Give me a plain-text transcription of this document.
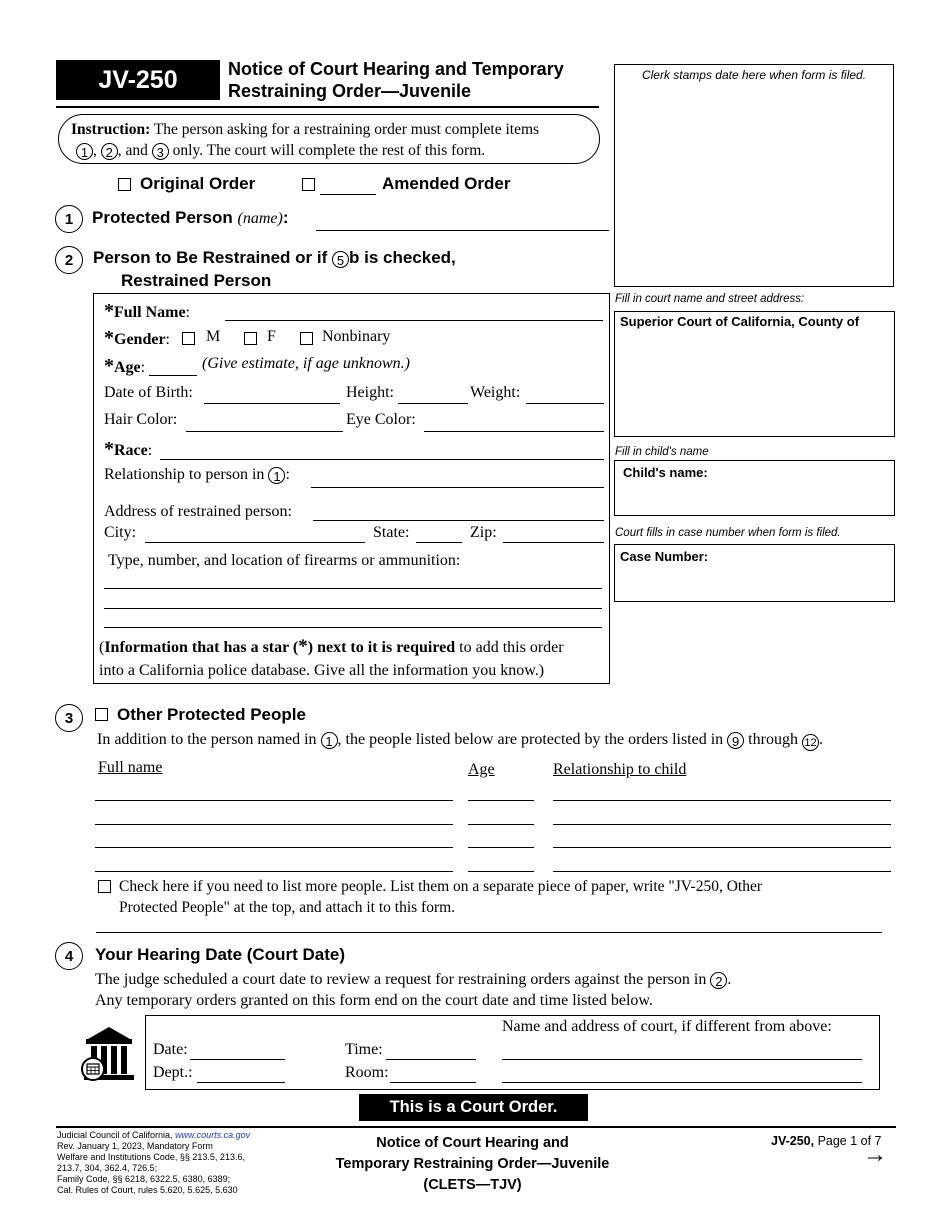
JV-250	Notice of Court Hearing and Temporary
Restraining Order—Juvenile
Clerk stamps date here when form is filed.
Fill in court name and street address:
Superior Court of California, County of
Fill in child's name
Child's name:
Court fills in case number when form is filed.
Case Number:
Instruction: The person asking for a restraining order must complete items
1 , 2 , and 3 only. The court will complete the rest of this form.
Original Order	Amended Order
1	Protected Person (name):
2	Person to Be Restrained or if 5 b is checked,
Restrained Person
*Full Name:
*Gender: M	F	Nonbinary
*Age:	(Give estimate, if age unknown.)
Date of Birth:	Height:	Weight:
Hair Color:	Eye Color:
*Race:
Relationship to person in 1 :
Address of restrained person:
City:	State:	Zip:
Type, number, and location of firearms or ammunition:
(Information that has a star (*) next to it is required to add this order
into a California police database. Give all the information you know.)
3	Other Protected People
In addition to the person named in 1 , the people listed below are protected by the orders listed in 9 through 12 .
Full name	Age	Relationship to child
Check here if you need to list more people. List them on a separate piece of paper, write "JV-250, Other
Protected People" at the top, and attach it to this form.
4	Your Hearing Date (Court Date)
The judge scheduled a court date to review a request for restraining orders against the person in 2 .
Any temporary orders granted on this form end on the court date and time listed below.
Date:	Time:
Dept.:	Room:
Name and address of court, if different from above:
This is a Court Order.
Judicial Council of California, www.courts.ca.gov
Rev. January 1, 2023, Mandatory Form
Welfare and Institutions Code, §§ 213.5, 213.6,
213.7, 304, 362.4, 726.5;
Family Code, §§ 6218, 6322.5, 6380, 6389;
Cal. Rules of Court, rules 5.620, 5.625, 5.630
Notice of Court Hearing and
Temporary Restraining Order—Juvenile
(CLETS—TJV)
JV-250, Page 1 of 7
→
